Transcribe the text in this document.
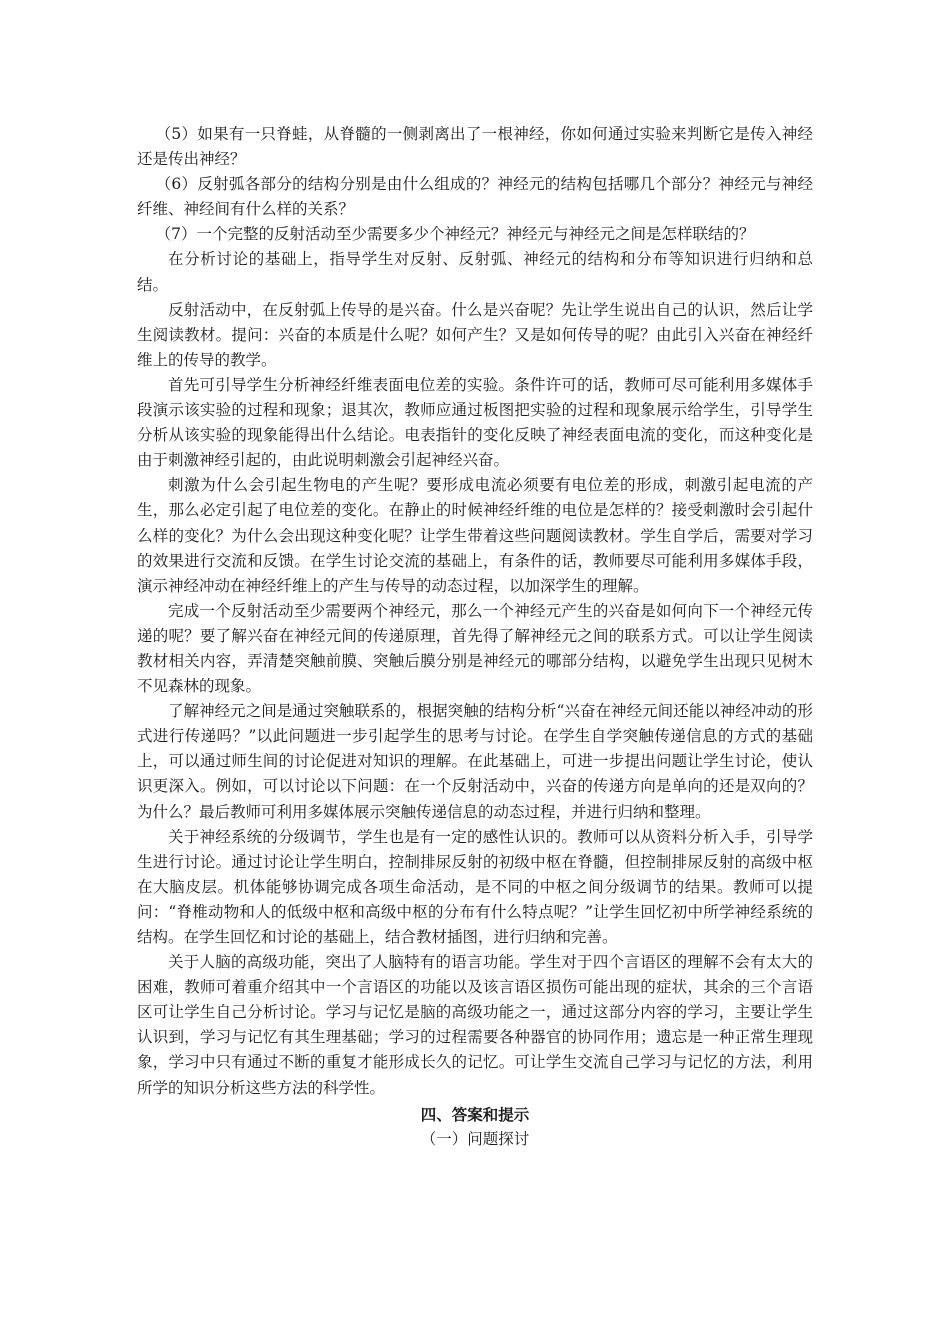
（5）如果有一只脊蛙，从脊髓的一侧剥离出了一根神经，你如何通过实验来判断它是传入神经还是传出神经？

（6）反射弧各部分的结构分别是由什么组成的？神经元的结构包括哪几个部分？神经元与神经纤维、神经间有什么样的关系？

（7）一个完整的反射活动至少需要多少个神经元？神经元与神经元之间是怎样联结的？

在分析讨论的基础上，指导学生对反射、反射弧、神经元的结构和分布等知识进行归纳和总结。

反射活动中，在反射弧上传导的是兴奋。什么是兴奋呢？先让学生说出自己的认识，然后让学生阅读教材。提问：兴奋的本质是什么呢？如何产生？又是如何传导的呢？由此引入兴奋在神经纤维上的传导的教学。

首先可引导学生分析神经纤维表面电位差的实验。条件许可的话，教师可尽可能利用多媒体手段演示该实验的过程和现象；退其次，教师应通过板图把实验的过程和现象展示给学生，引导学生分析从该实验的现象能得出什么结论。电表指针的变化反映了神经表面电流的变化，而这种变化是由于刺激神经引起的，由此说明刺激会引起神经兴奋。

刺激为什么会引起生物电的产生呢？要形成电流必须要有电位差的形成，刺激引起电流的产生，那么必定引起了电位差的变化。在静止的时候神经纤维的电位是怎样的？接受刺激时会引起什么样的变化？为什么会出现这种变化呢？让学生带着这些问题阅读教材。学生自学后，需要对学习的效果进行交流和反馈。在学生讨论交流的基础上，有条件的话，教师要尽可能利用多媒体手段，演示神经冲动在神经纤维上的产生与传导的动态过程，以加深学生的理解。

完成一个反射活动至少需要两个神经元，那么一个神经元产生的兴奋是如何向下一个神经元传递的呢？要了解兴奋在神经元间的传递原理，首先得了解神经元之间的联系方式。可以让学生阅读教材相关内容，弄清楚突触前膜、突触后膜分别是神经元的哪部分结构，以避免学生出现只见树木不见森林的现象。

了解神经元之间是通过突触联系的，根据突触的结构分析“兴奋在神经元间还能以神经冲动的形式进行传递吗？”以此问题进一步引起学生的思考与讨论。在学生自学突触传递信息的方式的基础上，可以通过师生间的讨论促进对知识的理解。在此基础上，可进一步提出问题让学生讨论，使认识更深入。例如，可以讨论以下问题：在一个反射活动中，兴奋的传递方向是单向的还是双向的？为什么？最后教师可利用多媒体展示突触传递信息的动态过程，并进行归纳和整理。

关于神经系统的分级调节，学生也是有一定的感性认识的。教师可以从资料分析入手，引导学生进行讨论。通过讨论让学生明白，控制排尿反射的初级中枢在脊髓，但控制排尿反射的高级中枢在大脑皮层。机体能够协调完成各项生命活动，是不同的中枢之间分级调节的结果。教师可以提问：“脊椎动物和人的低级中枢和高级中枢的分布有什么特点呢？”让学生回忆初中所学神经系统的结构。在学生回忆和讨论的基础上，结合教材插图，进行归纳和完善。

关于人脑的高级功能，突出了人脑特有的语言功能。学生对于四个言语区的理解不会有太大的困难，教师可着重介绍其中一个言语区的功能以及该言语区损伤可能出现的症状，其余的三个言语区可让学生自己分析讨论。学习与记忆是脑的高级功能之一，通过这部分内容的学习，主要让学生认识到，学习与记忆有其生理基础；学习的过程需要各种器官的协同作用；遗忘是一种正常生理现象，学习中只有通过不断的重复才能形成长久的记忆。可让学生交流自己学习与记忆的方法，利用所学的知识分析这些方法的科学性。

四、答案和提示

（一）问题探讨
